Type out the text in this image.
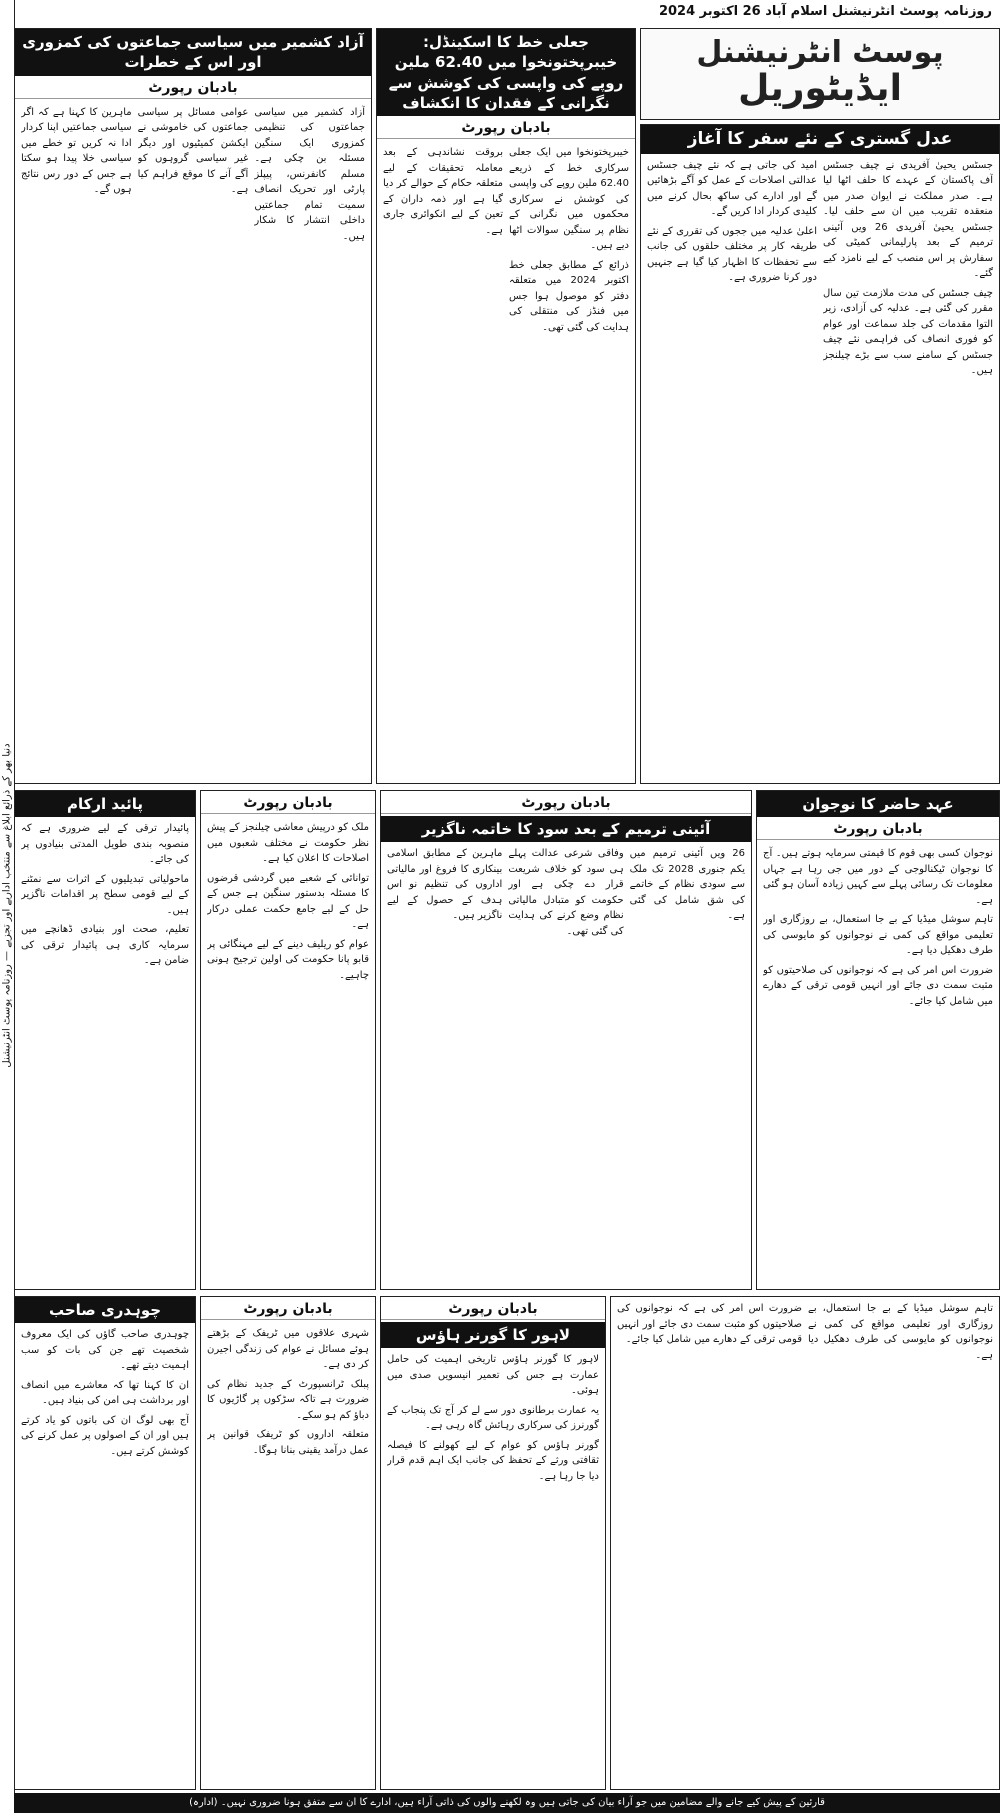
دنیا بھر کے ذرائع ابلاغ سے منتخب اداریے اور تجزیے — روزنامہ پوسٹ انٹرنیشنل
روزنامہ پوسٹ انٹرنیشنل اسلام آباد 26 اکتوبر 2024
پوسٹ انٹرنیشنل
ایڈیٹوریل
عدل گستری کے نئے سفر کا آغاز

جسٹس یحییٰ آفریدی نے چیف جسٹس آف پاکستان کے عہدے کا حلف اٹھا لیا ہے۔ صدر مملکت نے ایوان صدر میں منعقدہ تقریب میں ان سے حلف لیا۔ جسٹس یحییٰ آفریدی 26 ویں آئینی ترمیم کے بعد پارلیمانی کمیٹی کی سفارش پر اس منصب کے لیے نامزد کیے گئے۔

چیف جسٹس کی مدت ملازمت تین سال مقرر کی گئی ہے۔ عدلیہ کی آزادی، زیر التوا مقدمات کی جلد سماعت اور عوام کو فوری انصاف کی فراہمی نئے چیف جسٹس کے سامنے سب سے بڑے چیلنجز ہیں۔

امید کی جاتی ہے کہ نئے چیف جسٹس عدالتی اصلاحات کے عمل کو آگے بڑھائیں گے اور ادارے کی ساکھ بحال کرنے میں کلیدی کردار ادا کریں گے۔

اعلیٰ عدلیہ میں ججوں کی تقرری کے نئے طریقہ کار پر مختلف حلقوں کی جانب سے تحفظات کا اظہار کیا گیا ہے جنہیں دور کرنا ضروری ہے۔

جعلی خط کا اسکینڈل: خیبرپختونخوا میں 62.40 ملین روپے کی واپسی کی کوشش سے نگرانی کے فقدان کا انکشاف
بادبان رپورٹ

خیبرپختونخوا میں ایک جعلی سرکاری خط کے ذریعے 62.40 ملین روپے کی واپسی کی کوشش نے سرکاری محکموں میں نگرانی کے نظام پر سنگین سوالات اٹھا دیے ہیں۔

ذرائع کے مطابق جعلی خط اکتوبر 2024 میں متعلقہ دفتر کو موصول ہوا جس میں فنڈز کی منتقلی کی ہدایت کی گئی تھی۔

بروقت نشاندہی کے بعد معاملہ تحقیقات کے لیے متعلقہ حکام کے حوالے کر دیا گیا ہے اور ذمہ داران کے تعین کے لیے انکوائری جاری ہے۔

آزاد کشمیر میں سیاسی جماعتوں کی کمزوری اور اس کے خطرات
بادبان رپورٹ

آزاد کشمیر میں سیاسی جماعتوں کی تنظیمی کمزوری ایک سنگین مسئلہ بن چکی ہے۔ مسلم کانفرنس، پیپلز پارٹی اور تحریک انصاف سمیت تمام جماعتیں داخلی انتشار کا شکار ہیں۔

عوامی مسائل پر سیاسی جماعتوں کی خاموشی نے ایکشن کمیٹیوں اور دیگر غیر سیاسی گروہوں کو آگے آنے کا موقع فراہم کیا ہے۔

ماہرین کا کہنا ہے کہ اگر سیاسی جماعتیں اپنا کردار ادا نہ کریں تو خطے میں سیاسی خلا پیدا ہو سکتا ہے جس کے دور رس نتائج ہوں گے۔

عہد حاضر کا نوجوان
بادبان رپورٹ

نوجوان کسی بھی قوم کا قیمتی سرمایہ ہوتے ہیں۔ آج کا نوجوان ٹیکنالوجی کے دور میں جی رہا ہے جہاں معلومات تک رسائی پہلے سے کہیں زیادہ آسان ہو گئی ہے۔

تاہم سوشل میڈیا کے بے جا استعمال، بے روزگاری اور تعلیمی مواقع کی کمی نے نوجوانوں کو مایوسی کی طرف دھکیل دیا ہے۔

ضرورت اس امر کی ہے کہ نوجوانوں کی صلاحیتوں کو مثبت سمت دی جائے اور انہیں قومی ترقی کے دھارے میں شامل کیا جائے۔

بادبان رپورٹ
آئینی ترمیم کے بعد سود کا خاتمہ ناگزیر

26 ویں آئینی ترمیم میں یکم جنوری 2028 تک ملک سے سودی نظام کے خاتمے کی شق شامل کی گئی ہے۔

وفاقی شرعی عدالت پہلے ہی سود کو خلاف شریعت قرار دے چکی ہے اور حکومت کو متبادل مالیاتی نظام وضع کرنے کی ہدایت کی گئی تھی۔

ماہرین کے مطابق اسلامی بینکاری کا فروغ اور مالیاتی اداروں کی تنظیم نو اس ہدف کے حصول کے لیے ناگزیر ہیں۔

بادبان رپورٹ

ملک کو درپیش معاشی چیلنجز کے پیش نظر حکومت نے مختلف شعبوں میں اصلاحات کا اعلان کیا ہے۔

توانائی کے شعبے میں گردشی قرضوں کا مسئلہ بدستور سنگین ہے جس کے حل کے لیے جامع حکمت عملی درکار ہے۔

عوام کو ریلیف دینے کے لیے مہنگائی پر قابو پانا حکومت کی اولین ترجیح ہونی چاہیے۔

پائید ارکام

پائیدار ترقی کے لیے ضروری ہے کہ منصوبہ بندی طویل المدتی بنیادوں پر کی جائے۔

ماحولیاتی تبدیلیوں کے اثرات سے نمٹنے کے لیے قومی سطح پر اقدامات ناگزیر ہیں۔

تعلیم، صحت اور بنیادی ڈھانچے میں سرمایہ کاری ہی پائیدار ترقی کی ضامن ہے۔

تاہم سوشل میڈیا کے بے جا استعمال، بے روزگاری اور تعلیمی مواقع کی کمی نے نوجوانوں کو مایوسی کی طرف دھکیل دیا ہے۔

ضرورت اس امر کی ہے کہ نوجوانوں کی صلاحیتوں کو مثبت سمت دی جائے اور انہیں قومی ترقی کے دھارے میں شامل کیا جائے۔

بادبان رپورٹ
لاہور کا گورنر ہاؤس

لاہور کا گورنر ہاؤس تاریخی اہمیت کی حامل عمارت ہے جس کی تعمیر انیسویں صدی میں ہوئی۔

یہ عمارت برطانوی دور سے لے کر آج تک پنجاب کے گورنرز کی سرکاری رہائش گاہ رہی ہے۔

گورنر ہاؤس کو عوام کے لیے کھولنے کا فیصلہ ثقافتی ورثے کے تحفظ کی جانب ایک اہم قدم قرار دیا جا رہا ہے۔

بادبان رپورٹ

شہری علاقوں میں ٹریفک کے بڑھتے ہوئے مسائل نے عوام کی زندگی اجیرن کر دی ہے۔

پبلک ٹرانسپورٹ کے جدید نظام کی ضرورت ہے تاکہ سڑکوں پر گاڑیوں کا دباؤ کم ہو سکے۔

متعلقہ اداروں کو ٹریفک قوانین پر عمل درآمد یقینی بنانا ہوگا۔

چوہدری صاحب

چوہدری صاحب گاؤں کی ایک معروف شخصیت تھے جن کی بات کو سب اہمیت دیتے تھے۔

ان کا کہنا تھا کہ معاشرے میں انصاف اور برداشت ہی امن کی بنیاد ہیں۔

آج بھی لوگ ان کی باتوں کو یاد کرتے ہیں اور ان کے اصولوں پر عمل کرنے کی کوشش کرتے ہیں۔

قارئین کے پیش کیے جانے والے مضامین میں جو آراء بیان کی جاتی ہیں وہ لکھنے والوں کی ذاتی آراء ہیں، ادارے کا ان سے متفق ہونا ضروری نہیں۔ (ادارہ)
